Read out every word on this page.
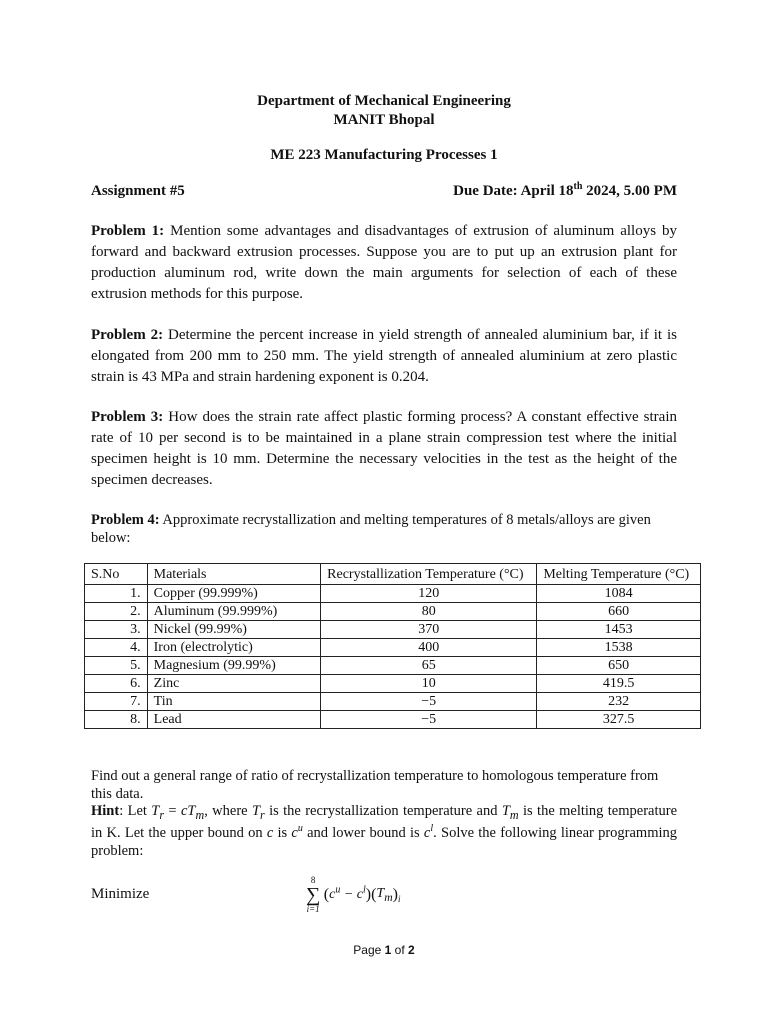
Department of Mechanical Engineering
MANIT Bhopal
ME 223 Manufacturing Processes 1
Assignment #5	Due Date: April 18th 2024, 5.00 PM
Problem 1: Mention some advantages and disadvantages of extrusion of aluminum alloys by forward and backward extrusion processes. Suppose you are to put up an extrusion plant for production aluminum rod, write down the main arguments for selection of each of these extrusion methods for this purpose.
Problem 2: Determine the percent increase in yield strength of annealed aluminium bar, if it is elongated from 200 mm to 250 mm. The yield strength of annealed aluminium at zero plastic strain is 43 MPa and strain hardening exponent is 0.204.
Problem 3: How does the strain rate affect plastic forming process? A constant effective strain rate of 10 per second is to be maintained in a plane strain compression test where the initial specimen height is 10 mm. Determine the necessary velocities in the test as the height of the specimen decreases.
Problem 4: Approximate recrystallization and melting temperatures of 8 metals/alloys are given below:
S.No	Materials	Recrystallization Temperature (°C)	Melting Temperature (°C)
1.	Copper (99.999%)	120	1084
2.	Aluminum (99.999%)	80	660
3.	Nickel (99.99%)	370	1453
4.	Iron (electrolytic)	400	1538
5.	Magnesium (99.99%)	65	650
6.	Zinc	10	419.5
7.	Tin	−5	232
8.	Lead	−5	327.5
Find out a general range of ratio of recrystallization temperature to homologous temperature from this data.
Hint: Let $T_r = cT_m$, where $T_r$ is the recrystallization temperature and $T_m$ is the melting temperature in K. Let the upper bound on c is $c^u$ and lower bound is $c^l$. Solve the following linear programming problem:
Minimize
8
∑
i=1
$(c^u - c^l)(T_m)_i$
Page 1 of 2
